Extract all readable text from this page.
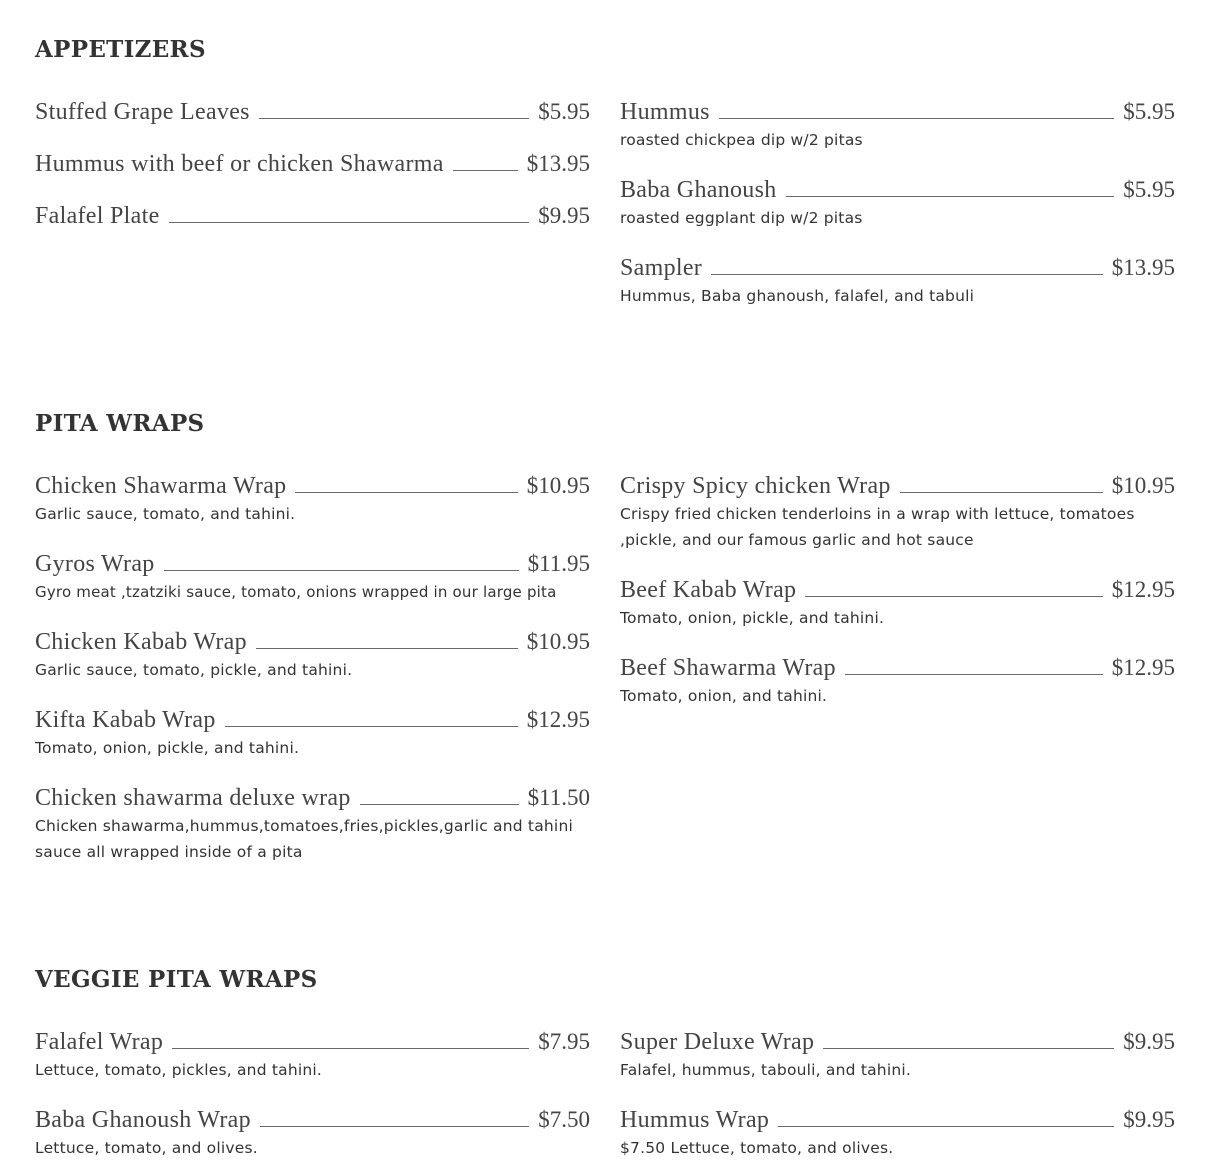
APPETIZERS
Stuffed Grape Leaves	$5.95
Hummus with beef or chicken Shawarma	$13.95
Falafel Plate	$9.95
Hummus	$5.95
roasted chickpea dip w/2 pitas
Baba Ghanoush	$5.95
roasted eggplant dip w/2 pitas
Sampler	$13.95
Hummus, Baba ghanoush, falafel, and tabuli
PITA WRAPS
Chicken Shawarma Wrap	$10.95
Garlic sauce, tomato, and tahini.
Gyros Wrap	$11.95
Gyro meat ,tzatziki sauce, tomato, onions wrapped in our large pita
Chicken Kabab Wrap	$10.95
Garlic sauce, tomato, pickle, and tahini.
Kifta Kabab Wrap	$12.95
Tomato, onion, pickle, and tahini.
Chicken shawarma deluxe wrap	$11.50
Chicken shawarma,hummus,tomatoes,fries,pickles,garlic and tahini sauce all wrapped inside of a pita
Crispy Spicy chicken Wrap	$10.95
Crispy fried chicken tenderloins in a wrap with lettuce, tomatoes ,pickle, and our famous garlic and hot sauce
Beef Kabab Wrap	$12.95
Tomato, onion, pickle, and tahini.
Beef Shawarma Wrap	$12.95
Tomato, onion, and tahini.
VEGGIE PITA WRAPS
Falafel Wrap	$7.95
Lettuce, tomato, pickles, and tahini.
Baba Ghanoush Wrap	$7.50
Lettuce, tomato, and olives.
Super Deluxe Wrap	$9.95
Falafel, hummus, tabouli, and tahini.
Hummus Wrap	$9.95
$7.50 Lettuce, tomato, and olives.
